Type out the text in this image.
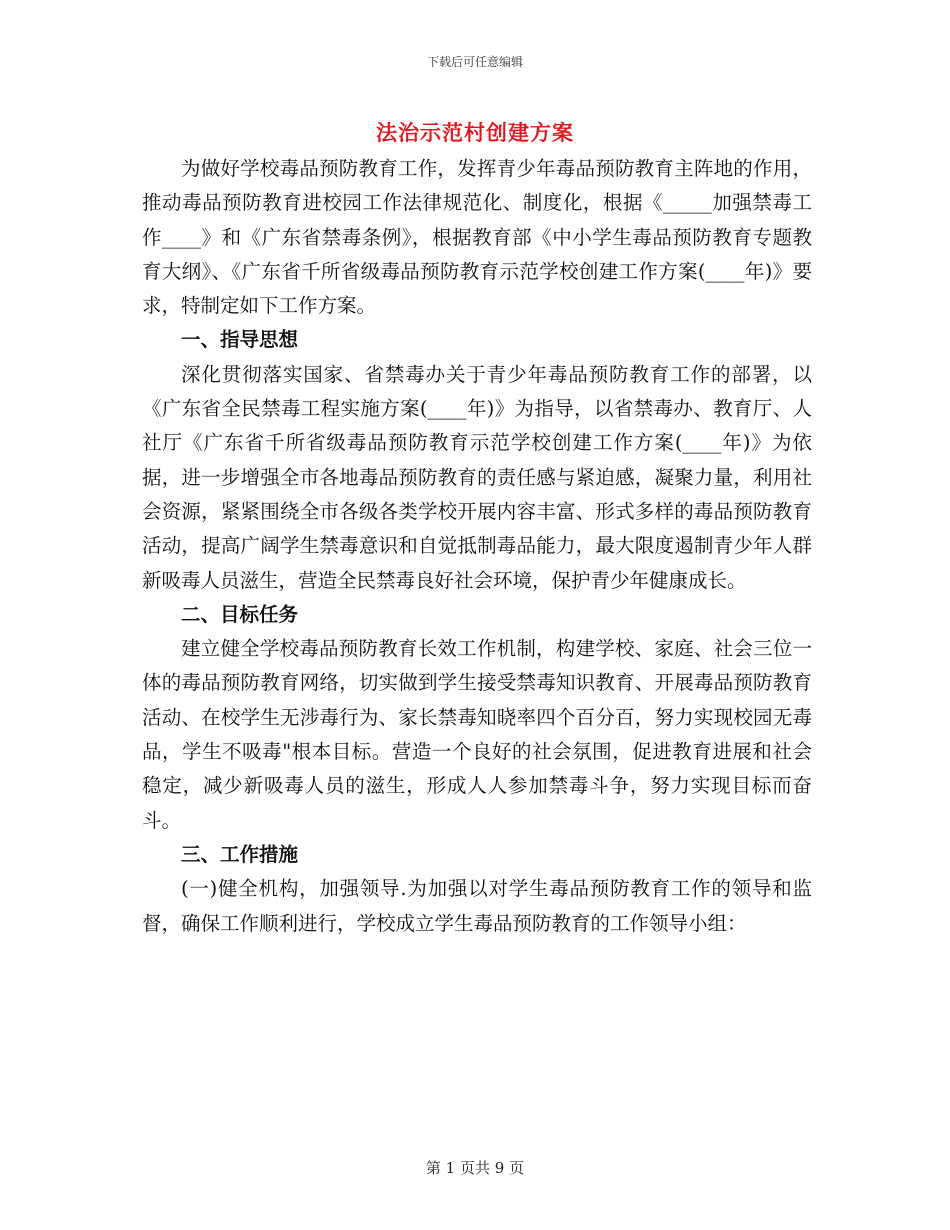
下载后可任意编辑
法治示范村创建方案

为做好学校毒品预防教育工作，发挥青少年毒品预防教育主阵地的作用，推动毒品预防教育进校园工作法律规范化、制度化，根据《_____加强禁毒工作____》和《广东省禁毒条例》，根据教育部《中小学生毒品预防教育专题教育大纲》、《广东省千所省级毒品预防教育示范学校创建工作方案(____年)》要求，特制定如下工作方案。

一、指导思想

深化贯彻落实国家、省禁毒办关于青少年毒品预防教育工作的部署，以《广东省全民禁毒工程实施方案(____年)》为指导，以省禁毒办、教育厅、人社厅《广东省千所省级毒品预防教育示范学校创建工作方案(____年)》为依据，进一步增强全市各地毒品预防教育的责任感与紧迫感，凝聚力量，利用社会资源，紧紧围绕全市各级各类学校开展内容丰富、形式多样的毒品预防教育活动，提高广阔学生禁毒意识和自觉抵制毒品能力，最大限度遏制青少年人群新吸毒人员滋生，营造全民禁毒良好社会环境，保护青少年健康成长。

二、目标任务

建立健全学校毒品预防教育长效工作机制，构建学校、家庭、社会三位一体的毒品预防教育网络，切实做到学生接受禁毒知识教育、开展毒品预防教育活动、在校学生无涉毒行为、家长禁毒知晓率四个百分百，努力实现校园无毒品，学生不吸毒"根本目标。营造一个良好的社会氛围，促进教育进展和社会稳定，减少新吸毒人员的滋生，形成人人参加禁毒斗争，努力实现目标而奋斗。

三、工作措施

(一)健全机构，加强领导.为加强以对学生毒品预防教育工作的领导和监督，确保工作顺利进行，学校成立学生毒品预防教育的工作领导小组：

第 1 页共 9 页
